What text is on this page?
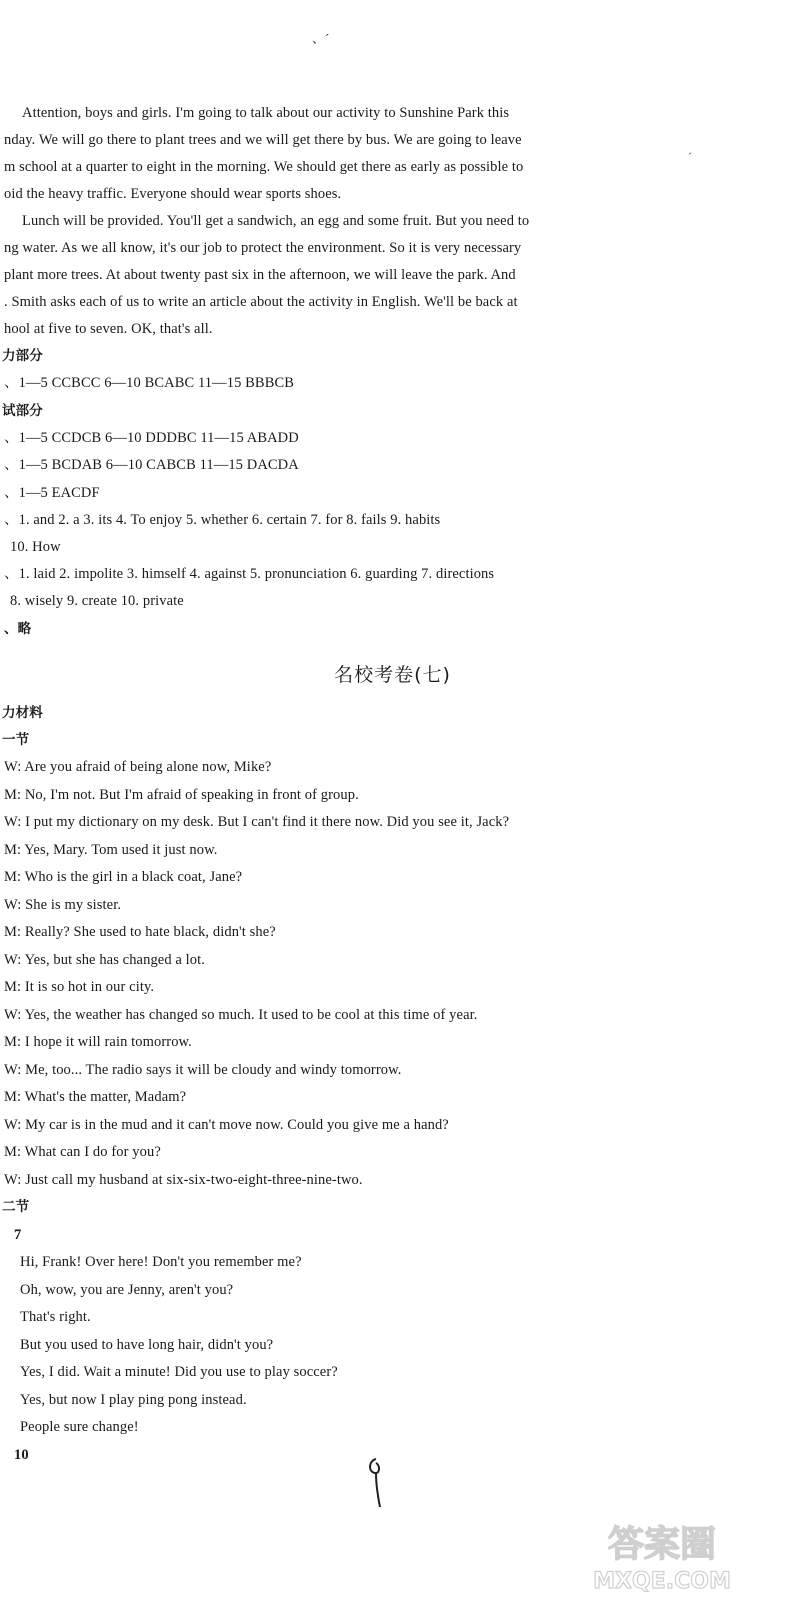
、ˊ
ˊ
Attention, boys and girls. I'm going to talk about our activity to Sunshine Park this
nday. We will go there to plant trees and we will get there by bus. We are going to leave
m school at a quarter to eight in the morning. We should get there as early as possible to
oid the heavy traffic. Everyone should wear sports shoes.
Lunch will be provided. You'll get a sandwich, an egg and some fruit. But you need to
ng water. As we all know, it's our job to protect the environment. So it is very necessary
plant more trees. At about twenty past six in the afternoon, we will leave the park. And
. Smith asks each of us to write an article about the activity in English. We'll be back at
hool at five to seven. OK, that's all.
力部分
、1—5 CCBCC 6—10 BCABC 11—15 BBBCB
试部分
、1—5 CCDCB 6—10 DDDBC 11—15 ABADD
、1—5 BCDAB 6—10 CABCB 11—15 DACDA
、1—5 EACDF
、1. and 2. a 3. its 4. To enjoy 5. whether 6. certain 7. for 8. fails 9. habits
10. How
、1. laid 2. impolite 3. himself 4. against 5. pronunciation 6. guarding 7. directions
8. wisely 9. create 10. private
、略
名校考卷(七)
力材料
一节
W: Are you afraid of being alone now, Mike?
M: No, I'm not. But I'm afraid of speaking in front of group.
W: I put my dictionary on my desk. But I can't find it there now. Did you see it, Jack?
M: Yes, Mary. Tom used it just now.
M: Who is the girl in a black coat, Jane?
W: She is my sister.
M: Really? She used to hate black, didn't she?
W: Yes, but she has changed a lot.
M: It is so hot in our city.
W: Yes, the weather has changed so much. It used to be cool at this time of year.
M: I hope it will rain tomorrow.
W: Me, too... The radio says it will be cloudy and windy tomorrow.
M: What's the matter, Madam?
W: My car is in the mud and it can't move now. Could you give me a hand?
M: What can I do for you?
W: Just call my husband at six-six-two-eight-three-nine-two.
二节
7
Hi, Frank! Over here! Don't you remember me?
Oh, wow, you are Jenny, aren't you?
That's right.
But you used to have long hair, didn't you?
Yes, I did. Wait a minute! Did you use to play soccer?
Yes, but now I play ping pong instead.
People sure change!
10
答案圈
MXQE.COM
